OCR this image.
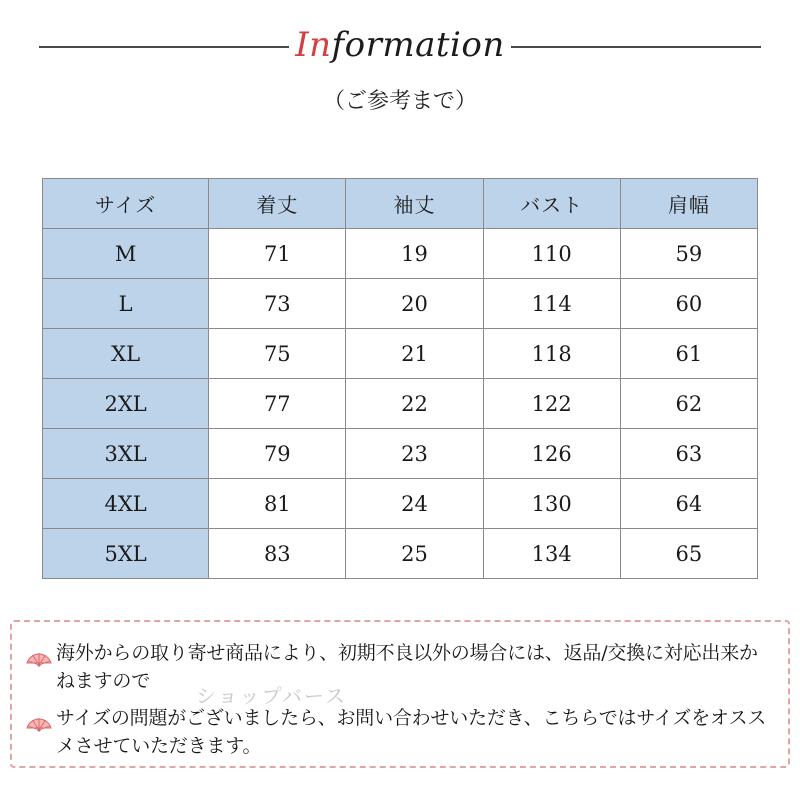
Information
（ご参考まで）
サイズ	着丈	袖丈	バスト	肩幅
M	71	19	110	59
L	73	20	114	60
XL	75	21	118	61
2XL	77	22	122	62
3XL	79	23	126	63
4XL	81	24	130	64
5XL	83	25	134	65
海外からの取り寄せ商品により、初期不良以外の場合には、返品/交換に対応出来かねますので
サイズの問題がございましたら、お問い合わせいただき、こちらではサイズをオススメさせていただきます。
ショップバース
